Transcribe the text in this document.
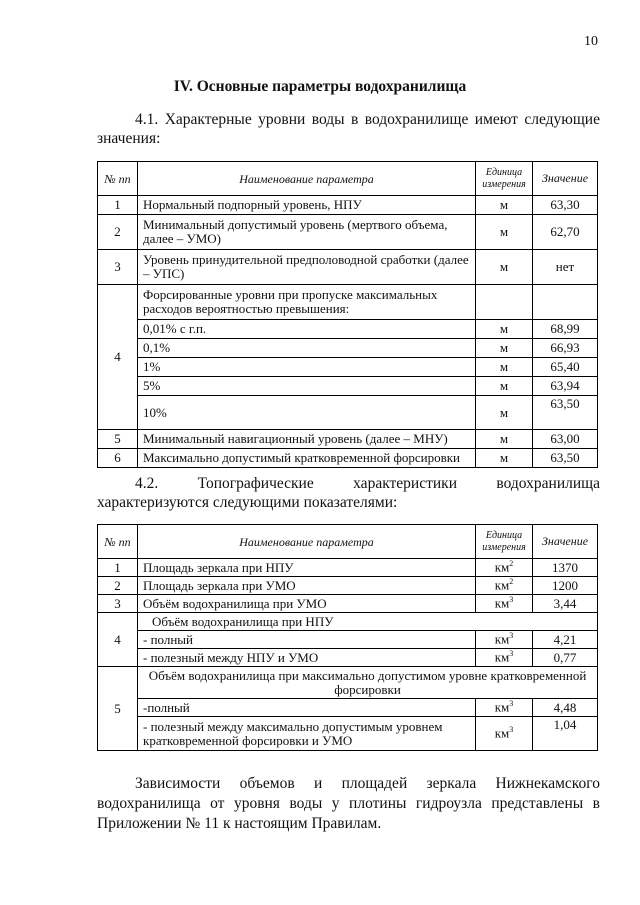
10
IV. Основные параметры водохранилища
4.1. Характерные уровни воды в водохранилище имеют следующие значения:
№ пп	Наименование параметра	Единица измерения	Значение
1	Нормальный подпорный уровень, НПУ	м	63,30
2	Минимальный допустимый уровень (мертвого объема, далее – УМО)	м	62,70
3	Уровень принудительной предполоводной сработки (далее – УПС)	м	нет
4	Форсированные уровни при пропуске максимальных расходов вероятностью превышения:		
	0,01% с г.п.	м	68,99
	0,1%	м	66,93
	1%	м	65,40
	5%	м	63,94
	10%	м	63,50
5	Минимальный навигационный уровень (далее – МНУ)	м	63,00
6	Максимально допустимый кратковременной форсировки	м	63,50
4.2. Топографические характеристики водохранилища характеризуются следующими показателями:
№ пп	Наименование параметра	Единица измерения	Значение
1	Площадь зеркала при НПУ	$км^2$	1370
2	Площадь зеркала при УМО	$км^2$	1200
3	Объём водохранилища при УМО	$км^3$	3,44
4	Объём водохранилища при НПУ		
	- полный	$км^3$	4,21
	- полезный между НПУ и УМО	$км^3$	0,77
5	Объём водохранилища при максимально допустимом уровне кратковременной форсировки		
	-полный	$км^3$	4,48
	- полезный между максимально допустимым уровнем кратковременной форсировки и УМО	$км^3$	1,04
Зависимости объемов и площадей зеркала Нижнекамского водохранилища от уровня воды у плотины гидроузла представлены в Приложении № 11 к настоящим Правилам.
